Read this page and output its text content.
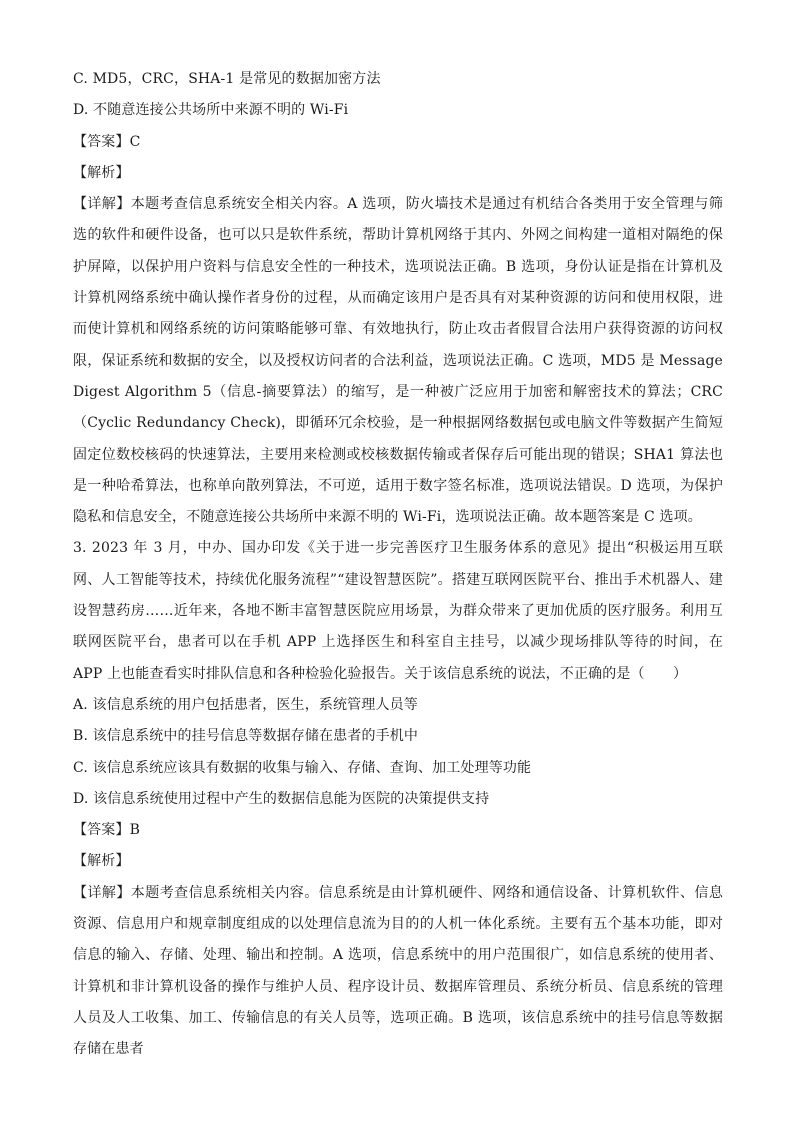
C. MD5，CRC，SHA-1 是常见的数据加密方法
D. 不随意连接公共场所中来源不明的 Wi-Fi
【答案】C
【解析】
【详解】本题考查信息系统安全相关内容。A 选项，防火墙技术是通过有机结合各类用于安全管理与筛选的软件和硬件设备，也可以只是软件系统，帮助计算机网络于其内、外网之间构建一道相对隔绝的保护屏障，以保护用户资料与信息安全性的一种技术，选项说法正确。B 选项，身份认证是指在计算机及计算机网络系统中确认操作者身份的过程，从而确定该用户是否具有对某种资源的访问和使用权限，进而使计算机和网络系统的访问策略能够可靠、有效地执行，防止攻击者假冒合法用户获得资源的访问权限，保证系统和数据的安全，以及授权访问者的合法利益，选项说法正确。C 选项，MD5 是 Message Digest Algorithm 5（信息-摘要算法）的缩写，是一种被广泛应用于加密和解密技术的算法；CRC（Cyclic Redundancy Check)，即循环冗余校验，是一种根据网络数据包或电脑文件等数据产生简短固定位数校核码的快速算法，主要用来检测或校核数据传输或者保存后可能出现的错误；SHA1 算法也是一种哈希算法，也称单向散列算法，不可逆，适用于数字签名标准，选项说法错误。D 选项，为保护隐私和信息安全，不随意连接公共场所中来源不明的 Wi-Fi，选项说法正确。故本题答案是 C 选项。
3. 2023 年 3 月，中办、国办印发《关于进一步完善医疗卫生服务体系的意见》提出“积极运用互联网、人工智能等技术，持续优化服务流程”“建设智慧医院”。搭建互联网医院平台、推出手术机器人、建设智慧药房……近年来，各地不断丰富智慧医院应用场景，为群众带来了更加优质的医疗服务。利用互联网医院平台，患者可以在手机 APP 上选择医生和科室自主挂号，以减少现场排队等待的时间，在 APP 上也能查看实时排队信息和各种检验化验报告。关于该信息系统的说法，不正确的是（　　）
A. 该信息系统的用户包括患者，医生，系统管理人员等
B. 该信息系统中的挂号信息等数据存储在患者的手机中
C. 该信息系统应该具有数据的收集与输入、存储、查询、加工处理等功能
D. 该信息系统使用过程中产生的数据信息能为医院的决策提供支持
【答案】B
【解析】
【详解】本题考查信息系统相关内容。信息系统是由计算机硬件、网络和通信设备、计算机软件、信息资源、信息用户和规章制度组成的以处理信息流为目的的人机一体化系统。主要有五个基本功能，即对信息的输入、存储、处理、输出和控制。A 选项，信息系统中的用户范围很广，如信息系统的使用者、计算机和非计算机设备的操作与维护人员、程序设计员、数据库管理员、系统分析员、信息系统的管理人员及人工收集、加工、传输信息的有关人员等，选项正确。B 选项，该信息系统中的挂号信息等数据存储在患者
